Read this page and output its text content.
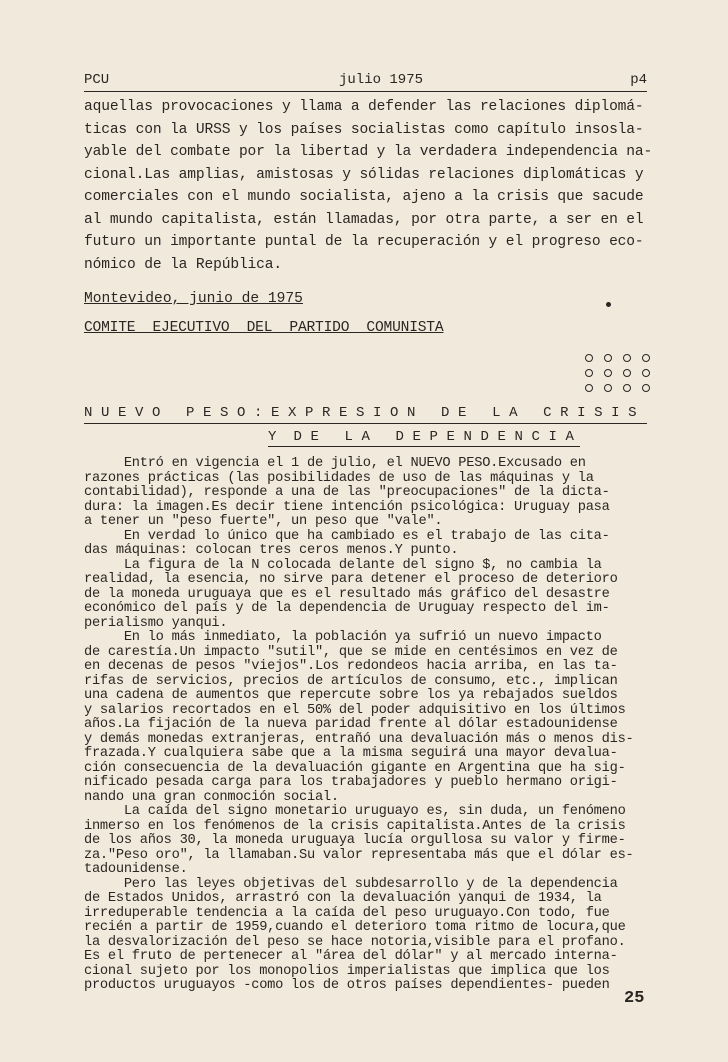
PCU	julio 1975	p4
aquellas provocaciones y llama a defender las relaciones diplomá-
ticas con la URSS y los países socialistas como capítulo insosla-
yable del combate por la libertad y la verdadera independencia na-
cional.Las amplias, amistosas y sólidas relaciones diplomáticas y
comerciales con el mundo socialista, ajeno a la crisis que sacude
al mundo capitalista, están llamadas, por otra parte, a ser en el
futuro un importante puntal de la recuperación y el progreso eco-
nómico de la República.
Montevideo, junio de 1975
COMITE  EJECUTIVO  DEL  PARTIDO  COMUNISTA
N U E V O   P E S O : E X P R E S I O N   D E   L A   C R I S I S
Y  D E   L A   D E P E N D E N C I A
Entró en vigencia el 1 de julio, el NUEVO PESO.Excusado en
razones prácticas (las posibilidades de uso de las máquinas y la
contabilidad), responde a una de las "preocupaciones" de la dicta-
dura: la imagen.Es decir tiene intención psicológica: Uruguay pasa
a tener un "peso fuerte", un peso que "vale".
En verdad lo único que ha cambiado es el trabajo de las cita-
das máquinas: colocan tres ceros menos.Y punto.
La figura de la N colocada delante del signo $, no cambia la
realidad, la esencia, no sirve para detener el proceso de deterioro
de la moneda uruguaya que es el resultado más gráfico del desastre
económico del país y de la dependencia de Uruguay respecto del im-
perialismo yanqui.
En lo más inmediato, la población ya sufrió un nuevo impacto
de carestía.Un impacto "sutil", que se mide en centésimos en vez de
en decenas de pesos "viejos".Los redondeos hacia arriba, en las ta-
rifas de servicios, precios de artículos de consumo, etc., implican
una cadena de aumentos que repercute sobre los ya rebajados sueldos
y salarios recortados en el 50% del poder adquisitivo en los últimos
años.La fijación de la nueva paridad frente al dólar estadounidense
y demás monedas extranjeras, entrañó una devaluación más o menos dis-
frazada.Y cualquiera sabe que a la misma seguirá una mayor devalua-
ción consecuencia de la devaluación gigante en Argentina que ha sig-
nificado pesada carga para los trabajadores y pueblo hermano origi-
nando una gran conmoción social.
La caída del signo monetario uruguayo es, sin duda, un fenómeno
inmerso en los fenómenos de la crisis capitalista.Antes de la crisis
de los años 30, la moneda uruguaya lucía orgullosa su valor y firme-
za."Peso oro", la llamaban.Su valor representaba más que el dólar es-
tadounidense.
Pero las leyes objetivas del subdesarrollo y de la dependencia
de Estados Unidos, arrastró con la devaluación yanqui de 1934, la
irreduperable tendencia a la caída del peso uruguayo.Con todo, fue
recién a partir de 1959,cuando el deterioro toma ritmo de locura,que
la desvalorización del peso se hace notoria,visible para el profano.
Es el fruto de pertenecer al "área del dólar" y al mercado interna-
cional sujeto por los monopolios imperialistas que implica que los
productos uruguayos -como los de otros países dependientes- pueden
25
